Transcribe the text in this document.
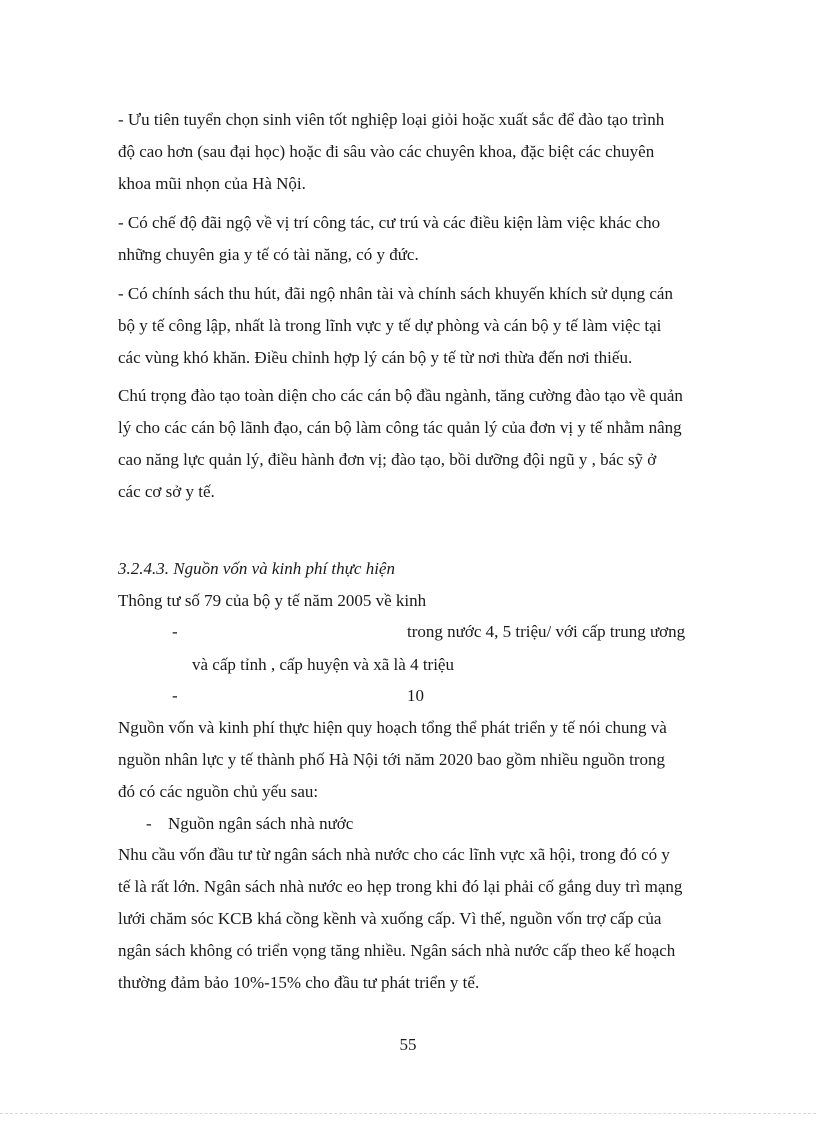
- Ưu tiên tuyển chọn sinh viên tốt nghiệp loại giỏi hoặc xuất sắc để đào tạo trình
độ cao hơn (sau đại học) hoặc đi sâu vào các chuyên khoa, đặc biệt các chuyên
khoa mũi nhọn của Hà Nội.
- Có chế độ đãi ngộ về vị trí công tác, cư trú và các điều kiện làm việc khác cho
những chuyên gia y tế có tài năng, có y đức.
- Có chính sách thu hút, đãi ngộ nhân tài và chính sách khuyến khích sử dụng cán
bộ y tế công lập, nhất là trong lĩnh vực y tế dự phòng và cán bộ y tế làm việc tại
các vùng khó khăn. Điều chỉnh hợp lý cán bộ y tế từ nơi thừa đến nơi thiếu.
Chú trọng đào tạo toàn diện cho các cán bộ đầu ngành, tăng cường đào tạo về quản
lý cho các cán bộ lãnh đạo, cán bộ làm công tác quản lý của đơn vị y tế nhằm nâng
cao năng lực quản lý, điều hành đơn vị; đào tạo, bồi dưỡng đội ngũ y , bác sỹ ở
các cơ sở y tế.
3.2.4.3. Nguồn vốn và kinh phí thực hiện
Thông tư số 79 của bộ y tế năm 2005 về kinh
-	trong nước 4, 5 triệu/ với cấp trung ương
và cấp tỉnh , cấp huyện và xã là 4 triệu
-	10
Nguồn vốn và kinh phí thực hiện quy hoạch tổng thể phát triển y tế nói chung và
nguồn nhân lực y tế thành phố Hà Nội tới năm 2020 bao gồm nhiều nguồn trong
đó có các nguồn chủ yếu sau:
- Nguồn ngân sách nhà nước
Nhu cầu vốn đầu tư từ ngân sách nhà nước cho các lĩnh vực xã hội, trong đó có y
tế là rất lớn. Ngân sách nhà nước eo hẹp trong khi đó lại phải cố gắng duy trì mạng
lưới chăm sóc KCB khá cồng kềnh và xuống cấp. Vì thế, nguồn vốn trợ cấp của
ngân sách không có triển vọng tăng nhiều. Ngân sách nhà nước cấp theo kế hoạch
thường đảm bảo 10%-15% cho đầu tư phát triển y tế.
55
